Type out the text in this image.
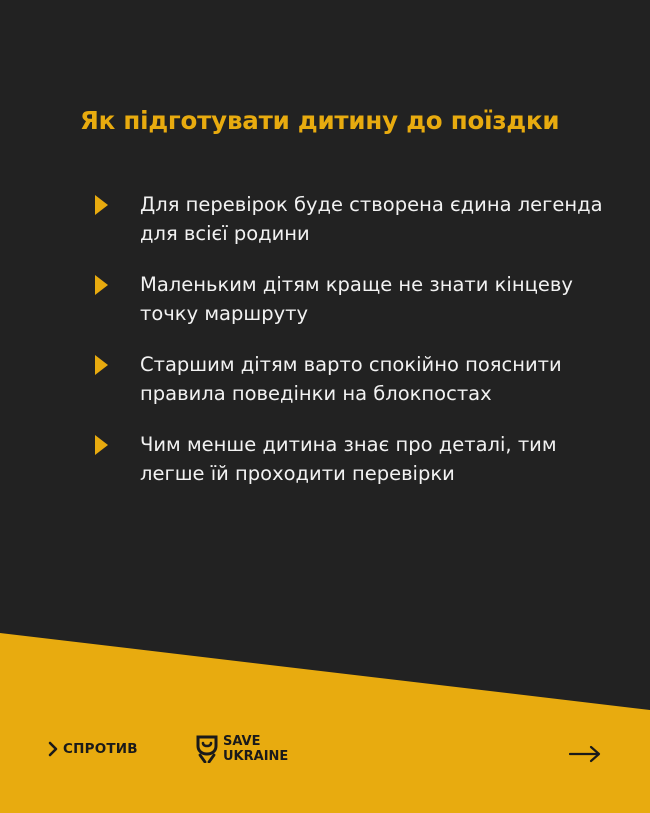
Як підготувати дитину до поїздки

Для перевірок буде створена єдина легенда для всієї родини

Маленьким дітям краще не знати кінцеву точку маршруту

Старшим дітям варто спокійно пояснити правила поведінки на блокпостах

Чим менше дитина знає про деталі, тим легше їй проходити перевірки

СПРОТИВ	SAVE
UKRAINE
